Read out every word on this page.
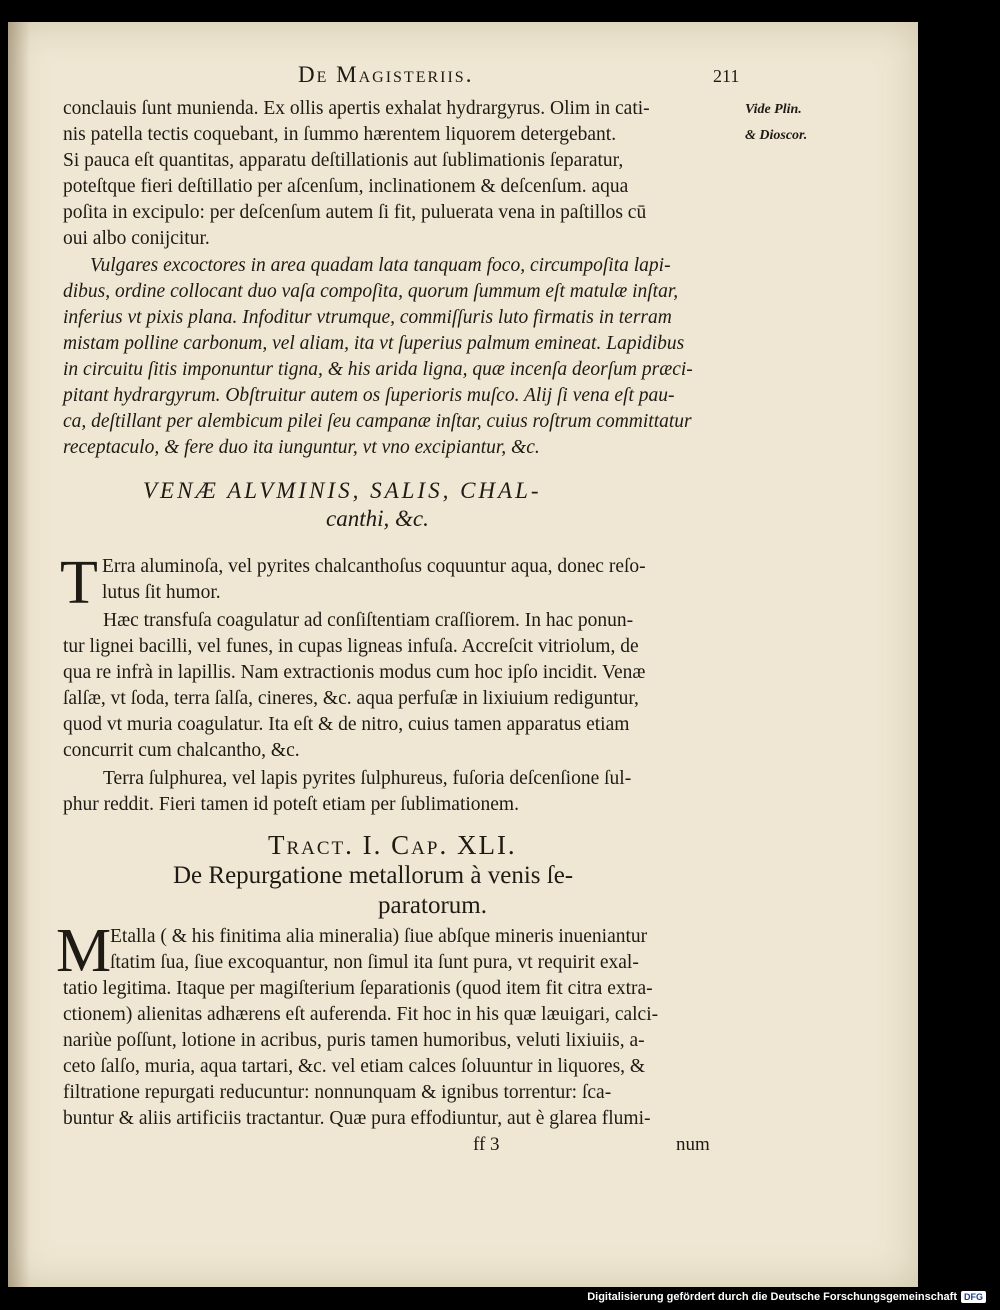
De Magisteriis.	211
Vide Plin.
& Dioscor.
conclauis ſunt munienda. Ex ollis apertis exhalat hydrargyrus. Olim in cati-
nis patella tectis coquebant, in ſummo hærentem liquorem detergebant.
Si pauca eſt quantitas, apparatu deſtillationis aut ſublimationis ſeparatur,
poteſtque fieri deſtillatio per aſcenſum, inclinationem & deſcenſum. aqua
poſita in excipulo: per deſcenſum autem ſi fit, puluerata vena in paſtillos cū
oui albo conijcitur.
Vulgares excoctores in area quadam lata tanquam foco, circumpoſita lapi-
dibus, ordine collocant duo vaſa compoſita, quorum ſummum eſt matulæ inſtar,
inferius vt pixis plana. Infoditur vtrumque, commiſſuris luto firmatis in terram
mistam polline carbonum, vel aliam, ita vt ſuperius palmum emineat. Lapidibus
in circuitu ſitis imponuntur tigna, & his arida ligna, quæ incenſa deorſum præci-
pitant hydrargyrum. Obſtruitur autem os ſuperioris muſco. Alij ſi vena eſt pau-
ca, deſtillant per alembicum pilei ſeu campanæ inſtar, cuius roſtrum committatur
receptaculo, & fere duo ita iunguntur, vt vno excipiantur, &c.
VENÆ ALVMINIS, SALIS, CHAL-
canthi, &c.
T Erra aluminoſa, vel pyrites chalcanthoſus coquuntur aqua, donec reſo-
lutus ſit humor.
Hæc transfuſa coagulatur ad conſiſtentiam craſſiorem. In hac ponun-
tur lignei bacilli, vel funes, in cupas ligneas infuſa. Accreſcit vitriolum, de
qua re infrà in lapillis. Nam extractionis modus cum hoc ipſo incidit. Venæ
ſalſæ, vt ſoda, terra ſalſa, cineres, &c. aqua perfuſæ in lixiuium rediguntur,
quod vt muria coagulatur. Ita eſt & de nitro, cuius tamen apparatus etiam
concurrit cum chalcantho, &c.
Terra ſulphurea, vel lapis pyrites ſulphureus, fuſoria deſcenſione ſul-
phur reddit. Fieri tamen id poteſt etiam per ſublimationem.
Tract. I. Cap. XLI.
De Repurgatione metallorum à venis ſe-
paratorum.
M
Etalla ( & his finitima alia mineralia) ſiue abſque mineris inueniantur
ſtatim ſua, ſiue excoquantur, non ſimul ita ſunt pura, vt requirit exal-
tatio legitima. Itaque per magiſterium ſeparationis (quod item fit citra extra-
ctionem) alienitas adhærens eſt auferenda. Fit hoc in his quæ læuigari, calci-
nariùe poſſunt, lotione in acribus, puris tamen humoribus, veluti lixiuiis, a-
ceto ſalſo, muria, aqua tartari, &c. vel etiam calces ſoluuntur in liquores, &
filtratione repurgati reducuntur: nonnunquam & ignibus torrentur: ſca-
buntur & aliis artificiis tractantur. Quæ pura effodiuntur, aut è glarea flumi-
ff 3	num
Digitalisierung gefördert durch die Deutsche Forschungsgemeinschaft DFG
